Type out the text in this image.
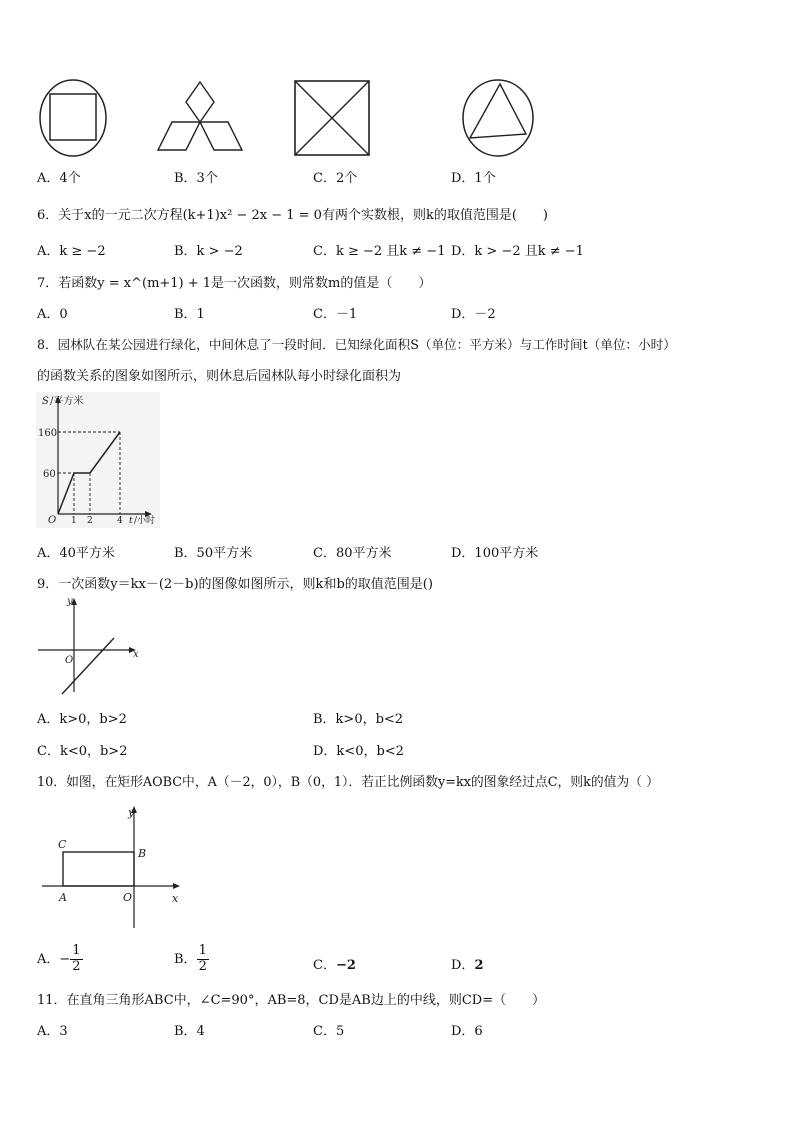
A．4个	B．3个	C．2个	D．1个
6．关于x的一元二次方程(k+1)x² − 2x − 1 = 0有两个实数根，则k的取值范围是(　　)
A．k ≥ −2	B．k > −2	C．k ≥ −2 且k ≠ −1 D．k > −2 且k ≠ −1
7．若函数y = x^(m+1) + 1是一次函数，则常数m的值是（　　）
A．0	B．1	C．－1	D．－2
8．园林队在某公园进行绿化，中间休息了一段时间．已知绿化面积S（单位：平方米）与工作时间t（单位：小时）
的函数关系的图象如图所示，则休息后园林队每小时绿化面积为
S /平方米
160
60
O 1 2	4 t /小时
A．40平方米	B．50平方米	C．80平方米	D．100平方米
9．一次函数y＝kx－(2－b)的图像如图所示，则k和b的取值范围是()
y
x
O
A．k>0，b>2	B．k>0，b<2
C．k<0，b>2	D．k<0，b<2
10．如图，在矩形AOBC中，A（－2，0），B（0，1）．若正比例函数y=kx的图象经过点C，则k的值为（ ）
y
x
C
B
A	O
A．− $\frac{1}{2}$	B． $\frac{1}{2}$	C．−2	D．2
11．在直角三角形ABC中，∠C=90°，AB=8，CD是AB边上的中线，则CD=（　　）
A．3	B．4	C．5	D．6
